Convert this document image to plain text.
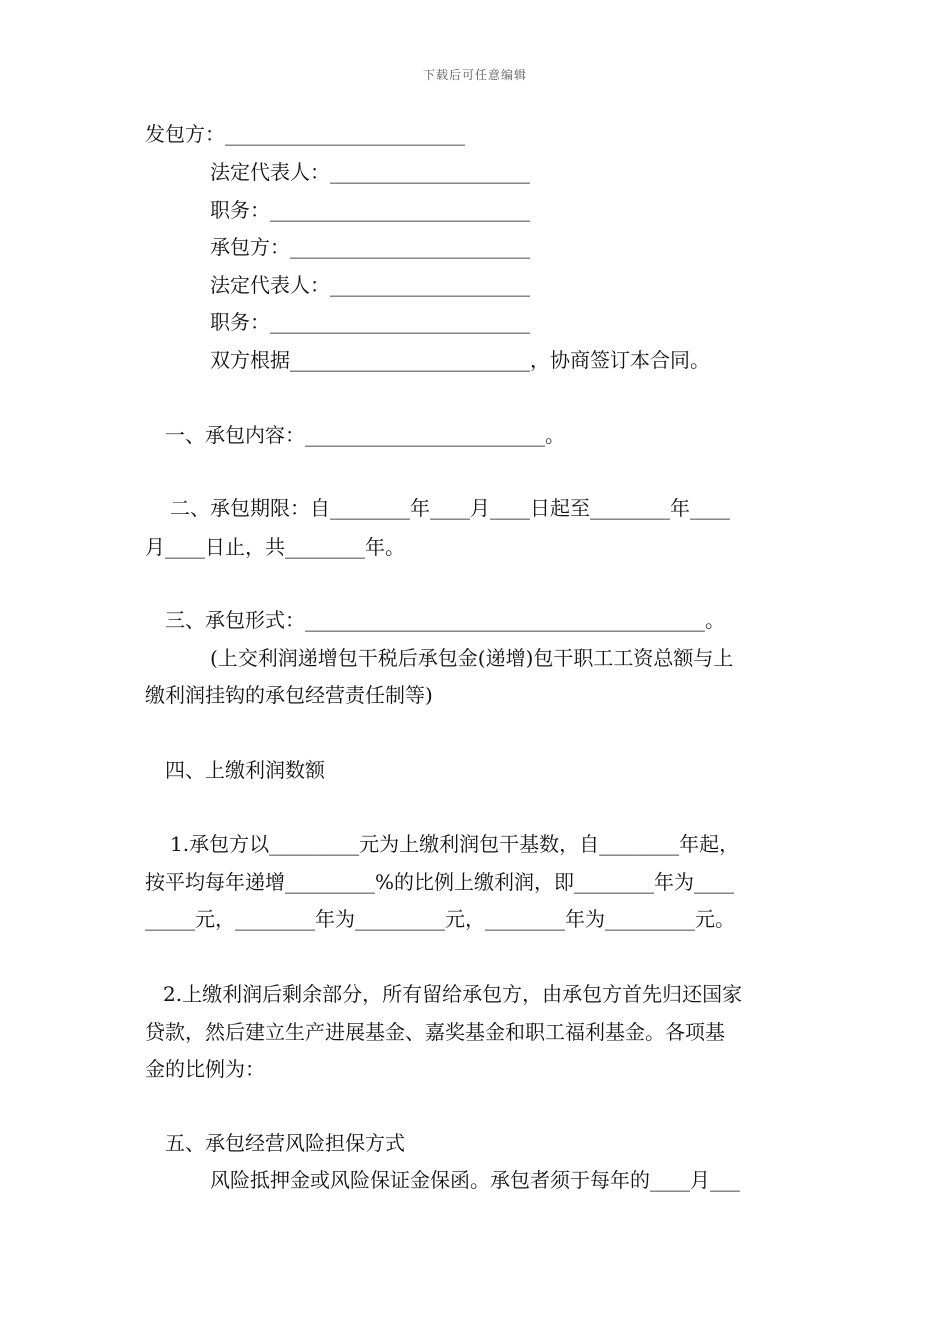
下载后可任意编辑
发包方：________________________
法定代表人：____________________
职务：__________________________
承包方：________________________
法定代表人：____________________
职务：__________________________
双方根据________________________，协商签订本合同。
一、承包内容：________________________。
二、承包期限：自________年____月____日起至________年____
月____日止，共________年。
三、承包形式：________________________________________。
(上交利润递增包干税后承包金(递增)包干职工工资总额与上
缴利润挂钩的承包经营责任制等)
四、上缴利润数额
1.承包方以_________元为上缴利润包干基数，自________年起，
按平均每年递增_________%的比例上缴利润，即________年为____
_____元，________年为_________元，________年为_________元。
2.上缴利润后剩余部分，所有留给承包方，由承包方首先归还国家
贷款，然后建立生产进展基金、嘉奖基金和职工福利基金。各项基
金的比例为：
五、承包经营风险担保方式
风险抵押金或风险保证金保函。承包者须于每年的____月___
